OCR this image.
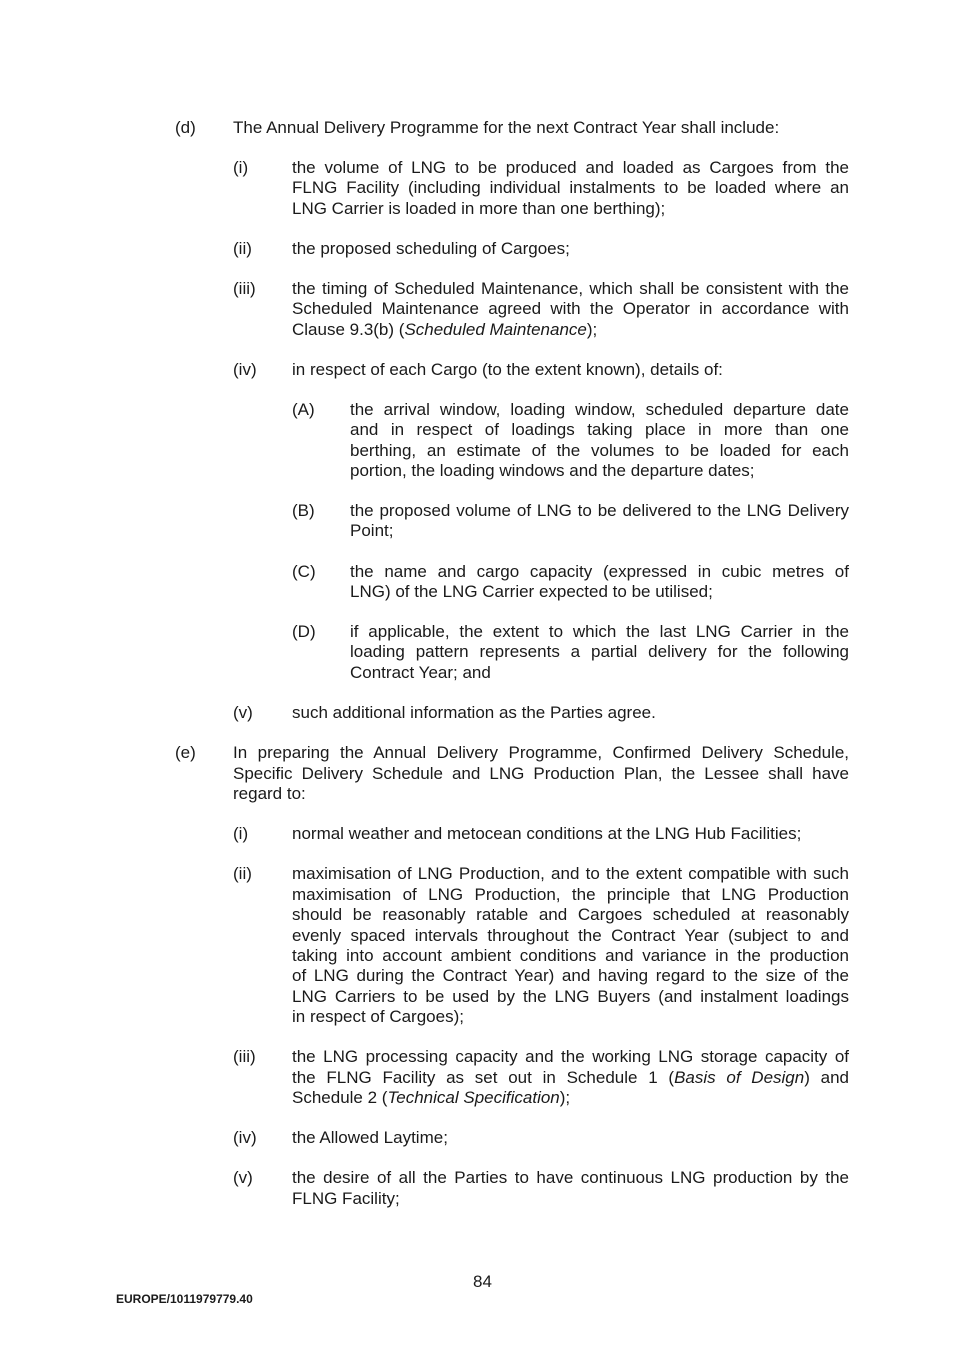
(d) The Annual Delivery Programme for the next Contract Year shall include:
(i)	the volume of LNG to be produced and loaded as Cargoes from the
FLNG Facility (including individual instalments to be loaded where an
LNG Carrier is loaded in more than one berthing);
(ii) the proposed scheduling of Cargoes;
(iii) the timing of Scheduled Maintenance, which shall be consistent with the
Scheduled Maintenance agreed with the Operator in accordance with
Clause 9.3(b) (Scheduled Maintenance);
(iv) in respect of each Cargo (to the extent known), details of:
(A) the arrival window, loading window, scheduled departure date
and in respect of loadings taking place in more than one
berthing, an estimate of the volumes to be loaded for each
portion, the loading windows and the departure dates;
(B) the proposed volume of LNG to be delivered to the LNG Delivery
Point;
(C) the name and cargo capacity (expressed in cubic metres of
LNG) of the LNG Carrier expected to be utilised;
(D) if applicable, the extent to which the last LNG Carrier in the
loading pattern represents a partial delivery for the following
Contract Year; and
(v) such additional information as the Parties agree.
(e) In preparing the Annual Delivery Programme, Confirmed Delivery Schedule,
Specific Delivery Schedule and LNG Production Plan, the Lessee shall have
regard to:
(i)	normal weather and metocean conditions at the LNG Hub Facilities;
(ii) maximisation of LNG Production, and to the extent compatible with such
maximisation of LNG Production, the principle that LNG Production
should be reasonably ratable and Cargoes scheduled at reasonably
evenly spaced intervals throughout the Contract Year (subject to and
taking into account ambient conditions and variance in the production
of LNG during the Contract Year) and having regard to the size of the
LNG Carriers to be used by the LNG Buyers (and instalment loadings
in respect of Cargoes);
(iii) the LNG processing capacity and the working LNG storage capacity of
the FLNG Facility as set out in Schedule 1 (Basis of Design) and
Schedule 2 (Technical Specification);
(iv) the Allowed Laytime;
(v) the desire of all the Parties to have continuous LNG production by the
FLNG Facility;
84
EUROPE/1011979779.40
